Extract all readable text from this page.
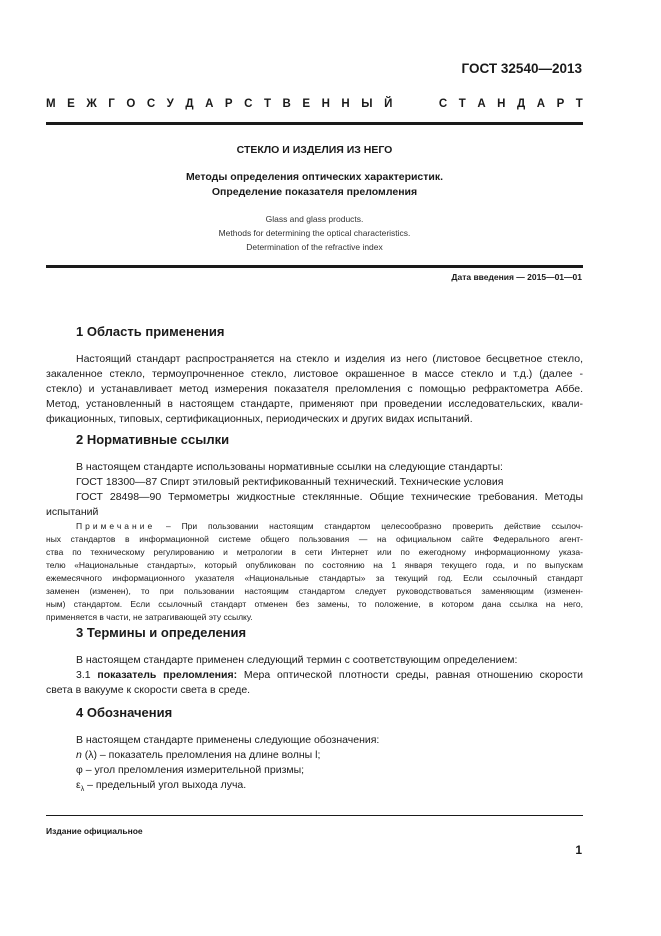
ГОСТ 32540—2013
М Е Ж Г О С У Д А Р С Т В Е Н Н Ы Й	С Т А Н Д А Р Т
СТЕКЛО И ИЗДЕЛИЯ ИЗ НЕГО
Методы определения оптических характеристик.
Определение показателя преломления
Glass and glass products.
Methods for determining the optical characteristics.
Determination of the refractive index
Дата введения — 2015—01—01
1 Область применения
Настоящий стандарт распространяется на стекло и изделия из него (листовое бесцветное стекло,
закаленное стекло, термоупрочненное стекло, листовое окрашенное в массе стекло и т.д.) (далее -
стекло) и устанавливает метод измерения показателя преломления с помощью рефрактометра Аббе.
Метод, установленный в настоящем стандарте, применяют при проведении исследовательских, квали-
фикационных, типовых, сертификационных, периодических и других видах испытаний.
2 Нормативные ссылки
В настоящем стандарте использованы нормативные ссылки на следующие стандарты:
ГОСТ 18300—87 Спирт этиловый ректификованный технический. Технические условия
ГОСТ 28498—90 Термометры жидкостные стеклянные. Общие технические требования. Методы
испытаний
Примечание – При пользовании настоящим стандартом целесообразно проверить действие ссылоч-
ных стандартов в информационной системе общего пользования — на официальном сайте Федерального агент-
ства по техническому регулированию и метрологии в сети Интернет или по ежегодному информационному указа-
телю «Национальные стандарты», который опубликован по состоянию на 1 января текущего года, и по выпускам
ежемесячного информационного указателя «Национальные стандарты» за текущий год. Если ссылочный стандарт
заменен (изменен), то при пользовании настоящим стандартом следует руководствоваться заменяющим (изменен-
ным) стандартом. Если ссылочный стандарт отменен без замены, то положение, в котором дана ссылка на него,
применяется в части, не затрагивающей эту ссылку.
3 Термины и определения
В настоящем стандарте применен следующий термин с соответствующим определением:
3.1 показатель преломления: Мера оптической плотности среды, равная отношению скорости
света в вакууме к скорости света в среде.
4 Обозначения
В настоящем стандарте применены следующие обозначения:
n (λ) – показатель преломления на длине волны l;
φ – угол преломления измерительной призмы;
$\varepsilon_\lambda$ – предельный угол выхода луча.
Издание официальное
1
